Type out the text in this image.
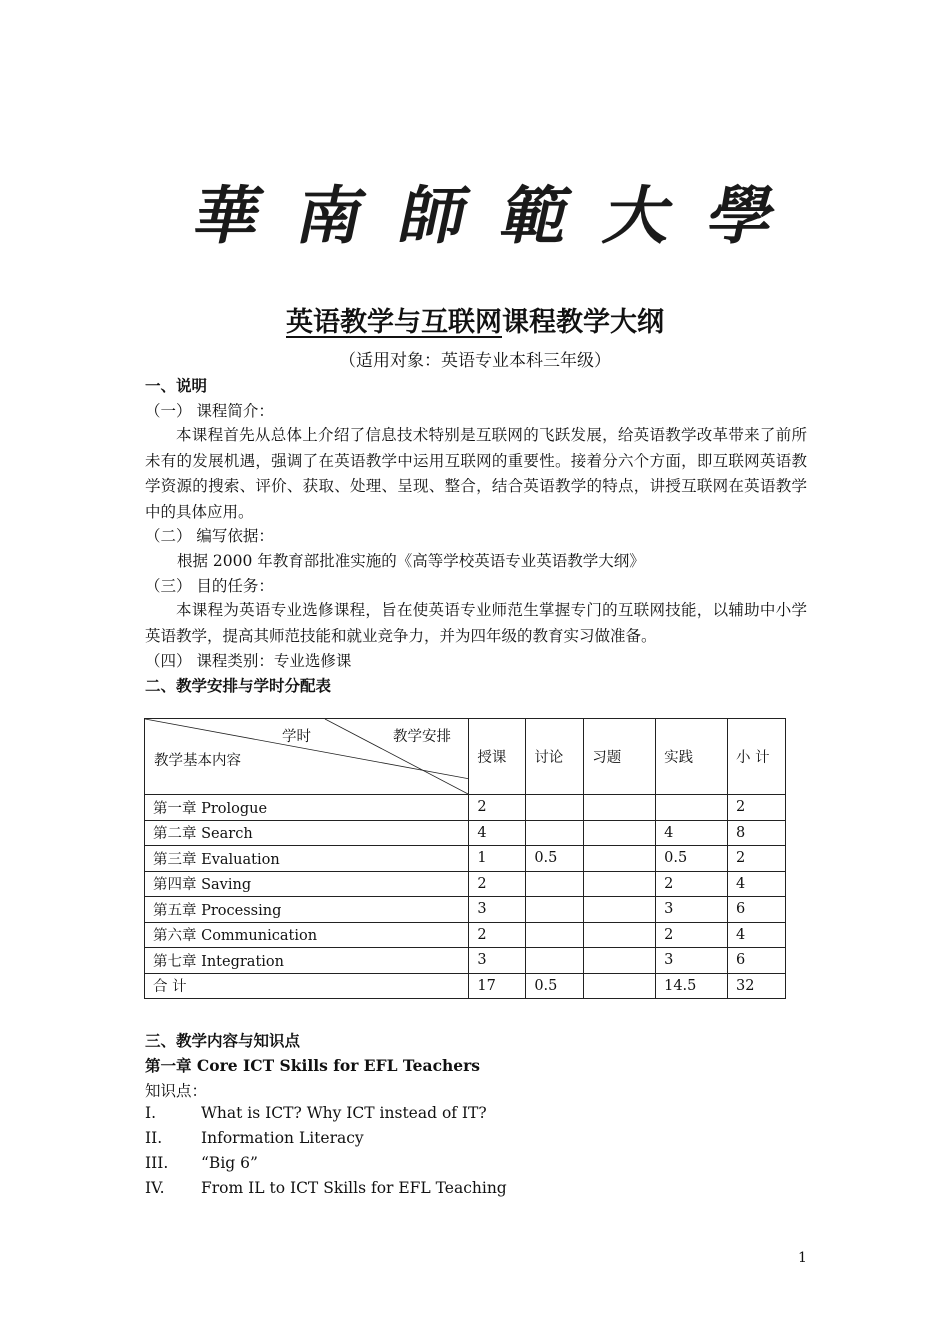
華 南 師 範 大 學
英语教学与互联网课程教学大纲
（适用对象：英语专业本科三年级）
一、说明
（一） 课程简介：
本课程首先从总体上介绍了信息技术特别是互联网的飞跃发展，给英语教学改革带来了前所未有的发展机遇，强调了在英语教学中运用互联网的重要性。接着分六个方面，即互联网英语教学资源的搜索、评价、获取、处理、呈现、整合，结合英语教学的特点，讲授互联网在英语教学中的具体应用。
（二） 编写依据：
根据 2000 年教育部批准实施的《高等学校英语专业英语教学大纲》
（三） 目的任务：
本课程为英语专业选修课程，旨在使英语专业师范生掌握专门的互联网技能，以辅助中小学英语教学，提高其师范技能和就业竞争力，并为四年级的教育实习做准备。
（四） 课程类别：专业选修课
二、教学安排与学时分配表
学时 教学安排
教学基本内容	授课	讨论	习题	实践	小 计
第一章 Prologue	2				2
第二章 Search	4			4	8
第三章 Evaluation	1	0.5		0.5	2
第四章 Saving	2			2	4
第五章 Processing	3			3	6
第六章 Communication	2			2	4
第七章 Integration	3			3	6
合 计	17	0.5		14.5	32
三、教学内容与知识点
第一章 Core ICT Skills for EFL Teachers
知识点：
I.	What is ICT? Why ICT instead of IT?
II.	Information Literacy
III. “Big 6”
IV. From IL to ICT Skills for EFL Teaching
1
